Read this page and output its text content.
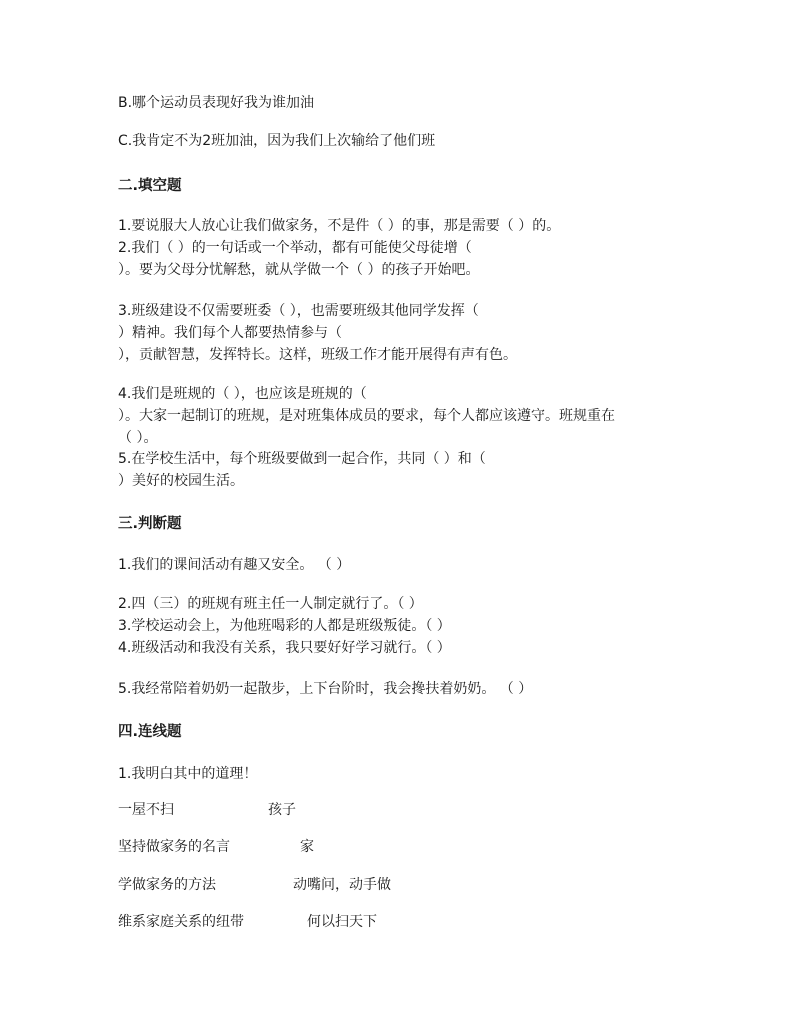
B.哪个运动员表现好我为谁加油
C.我肯定不为2班加油，因为我们上次输给了他们班
二.填空题
1.要说服大人放心让我们做家务，不是件（ ）的事，那是需要（ ）的。
2.我们（ ）的一句话或一个举动，都有可能使父母徒增（
）。要为父母分忧解愁，就从学做一个（ ）的孩子开始吧。
3.班级建设不仅需要班委（ ），也需要班级其他同学发挥（
）精神。我们每个人都要热情参与（
），贡献智慧，发挥特长。这样，班级工作才能开展得有声有色。
4.我们是班规的（ ），也应该是班规的（
）。大家一起制订的班规，是对班集体成员的要求，每个人都应该遵守。班规重在
（ ）。
5.在学校生活中，每个班级要做到一起合作，共同（ ）和（
）美好的校园生活。
三.判断题
1.我们的课间活动有趣又安全。 （ ）
2.四（三）的班规有班主任一人制定就行了。（ ）
3.学校运动会上，为他班喝彩的人都是班级叛徒。（ ）
4.班级活动和我没有关系，我只要好好学习就行。（ ）
5.我经常陪着奶奶一起散步，上下台阶时，我会搀扶着奶奶。 （ ）
四.连线题
1.我明白其中的道理！
一屋不扫	孩子
坚持做家务的名言	家
学做家务的方法	动嘴问，动手做
维系家庭关系的纽带	何以扫天下
